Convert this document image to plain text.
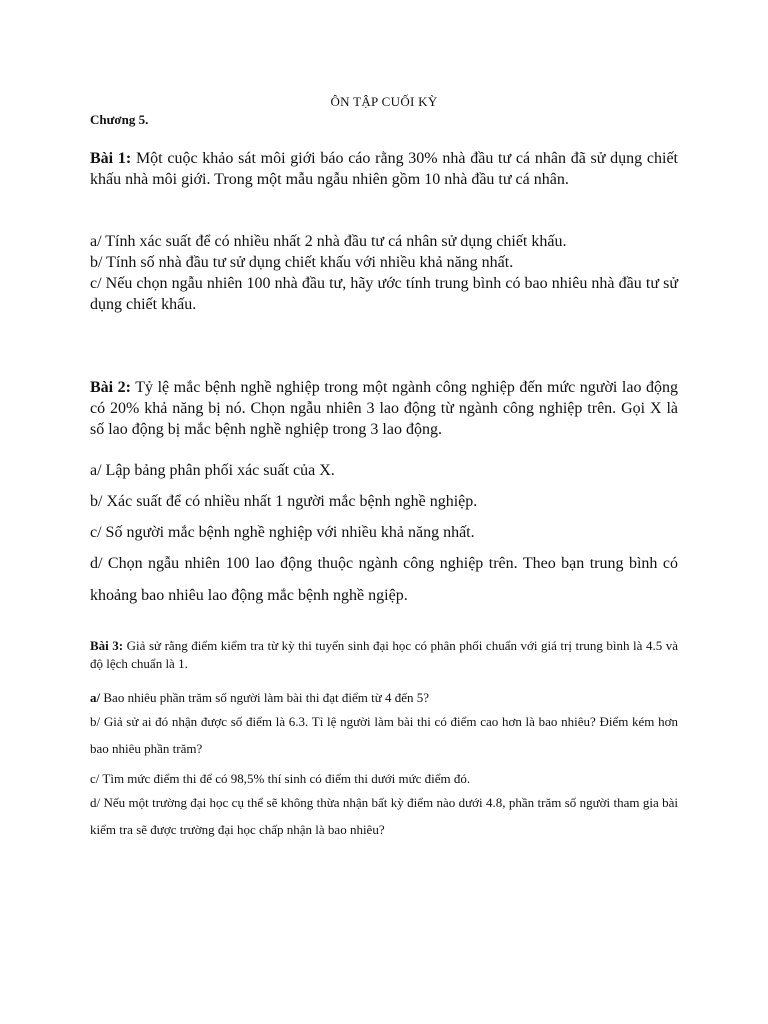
ÔN TẬP CUỐI KỲ
Chương 5.

Bài 1: Một cuộc khảo sát môi giới báo cáo rằng 30% nhà đầu tư cá nhân đã sử dụng chiết khấu nhà môi giới. Trong một mẫu ngẫu nhiên gồm 10 nhà đầu tư cá nhân.

a/ Tính xác suất để có nhiều nhất 2 nhà đầu tư cá nhân sử dụng chiết khấu.

b/ Tính số nhà đầu tư sử dụng chiết khấu với nhiều khả năng nhất.

c/ Nếu chọn ngẫu nhiên 100 nhà đầu tư, hãy ước tính trung bình có bao nhiêu nhà đầu tư sử dụng chiết khấu.

Bài 2: Tỷ lệ mắc bệnh nghề nghiệp trong một ngành công nghiệp đến mức người lao động có 20% khả năng bị nó. Chọn ngẫu nhiên 3 lao động từ ngành công nghiệp trên. Gọi X là số lao động bị mắc bệnh nghề nghiệp trong 3 lao động.

a/ Lập bảng phân phối xác suất của X.

b/ Xác suất để có nhiều nhất 1 người mắc bệnh nghề nghiệp.

c/ Số người mắc bệnh nghề nghiệp với nhiều khả năng nhất.

d/ Chọn ngẫu nhiên 100 lao động thuộc ngành công nghiệp trên. Theo bạn trung bình có khoảng bao nhiêu lao động mắc bệnh nghề ngiệp.

Bài 3: Giả sử rằng điểm kiểm tra từ kỳ thi tuyển sinh đại học có phân phối chuẩn với giá trị trung bình là 4.5 và độ lệch chuẩn là 1.

a/ Bao nhiêu phần trăm số người làm bài thi đạt điểm từ 4 đến 5?

b/ Giả sử ai đó nhận được số điểm là 6.3. Tỉ lệ người làm bài thi có điểm cao hơn là bao nhiêu? Điểm kém hơn bao nhiêu phần trăm?

c/ Tìm mức điểm thi để có 98,5% thí sinh có điểm thi dưới mức điểm đó.

d/ Nếu một trường đại học cụ thể sẽ không thừa nhận bất kỳ điểm nào dưới 4.8, phần trăm số người tham gia bài kiểm tra sẽ được trường đại học chấp nhận là bao nhiêu?
